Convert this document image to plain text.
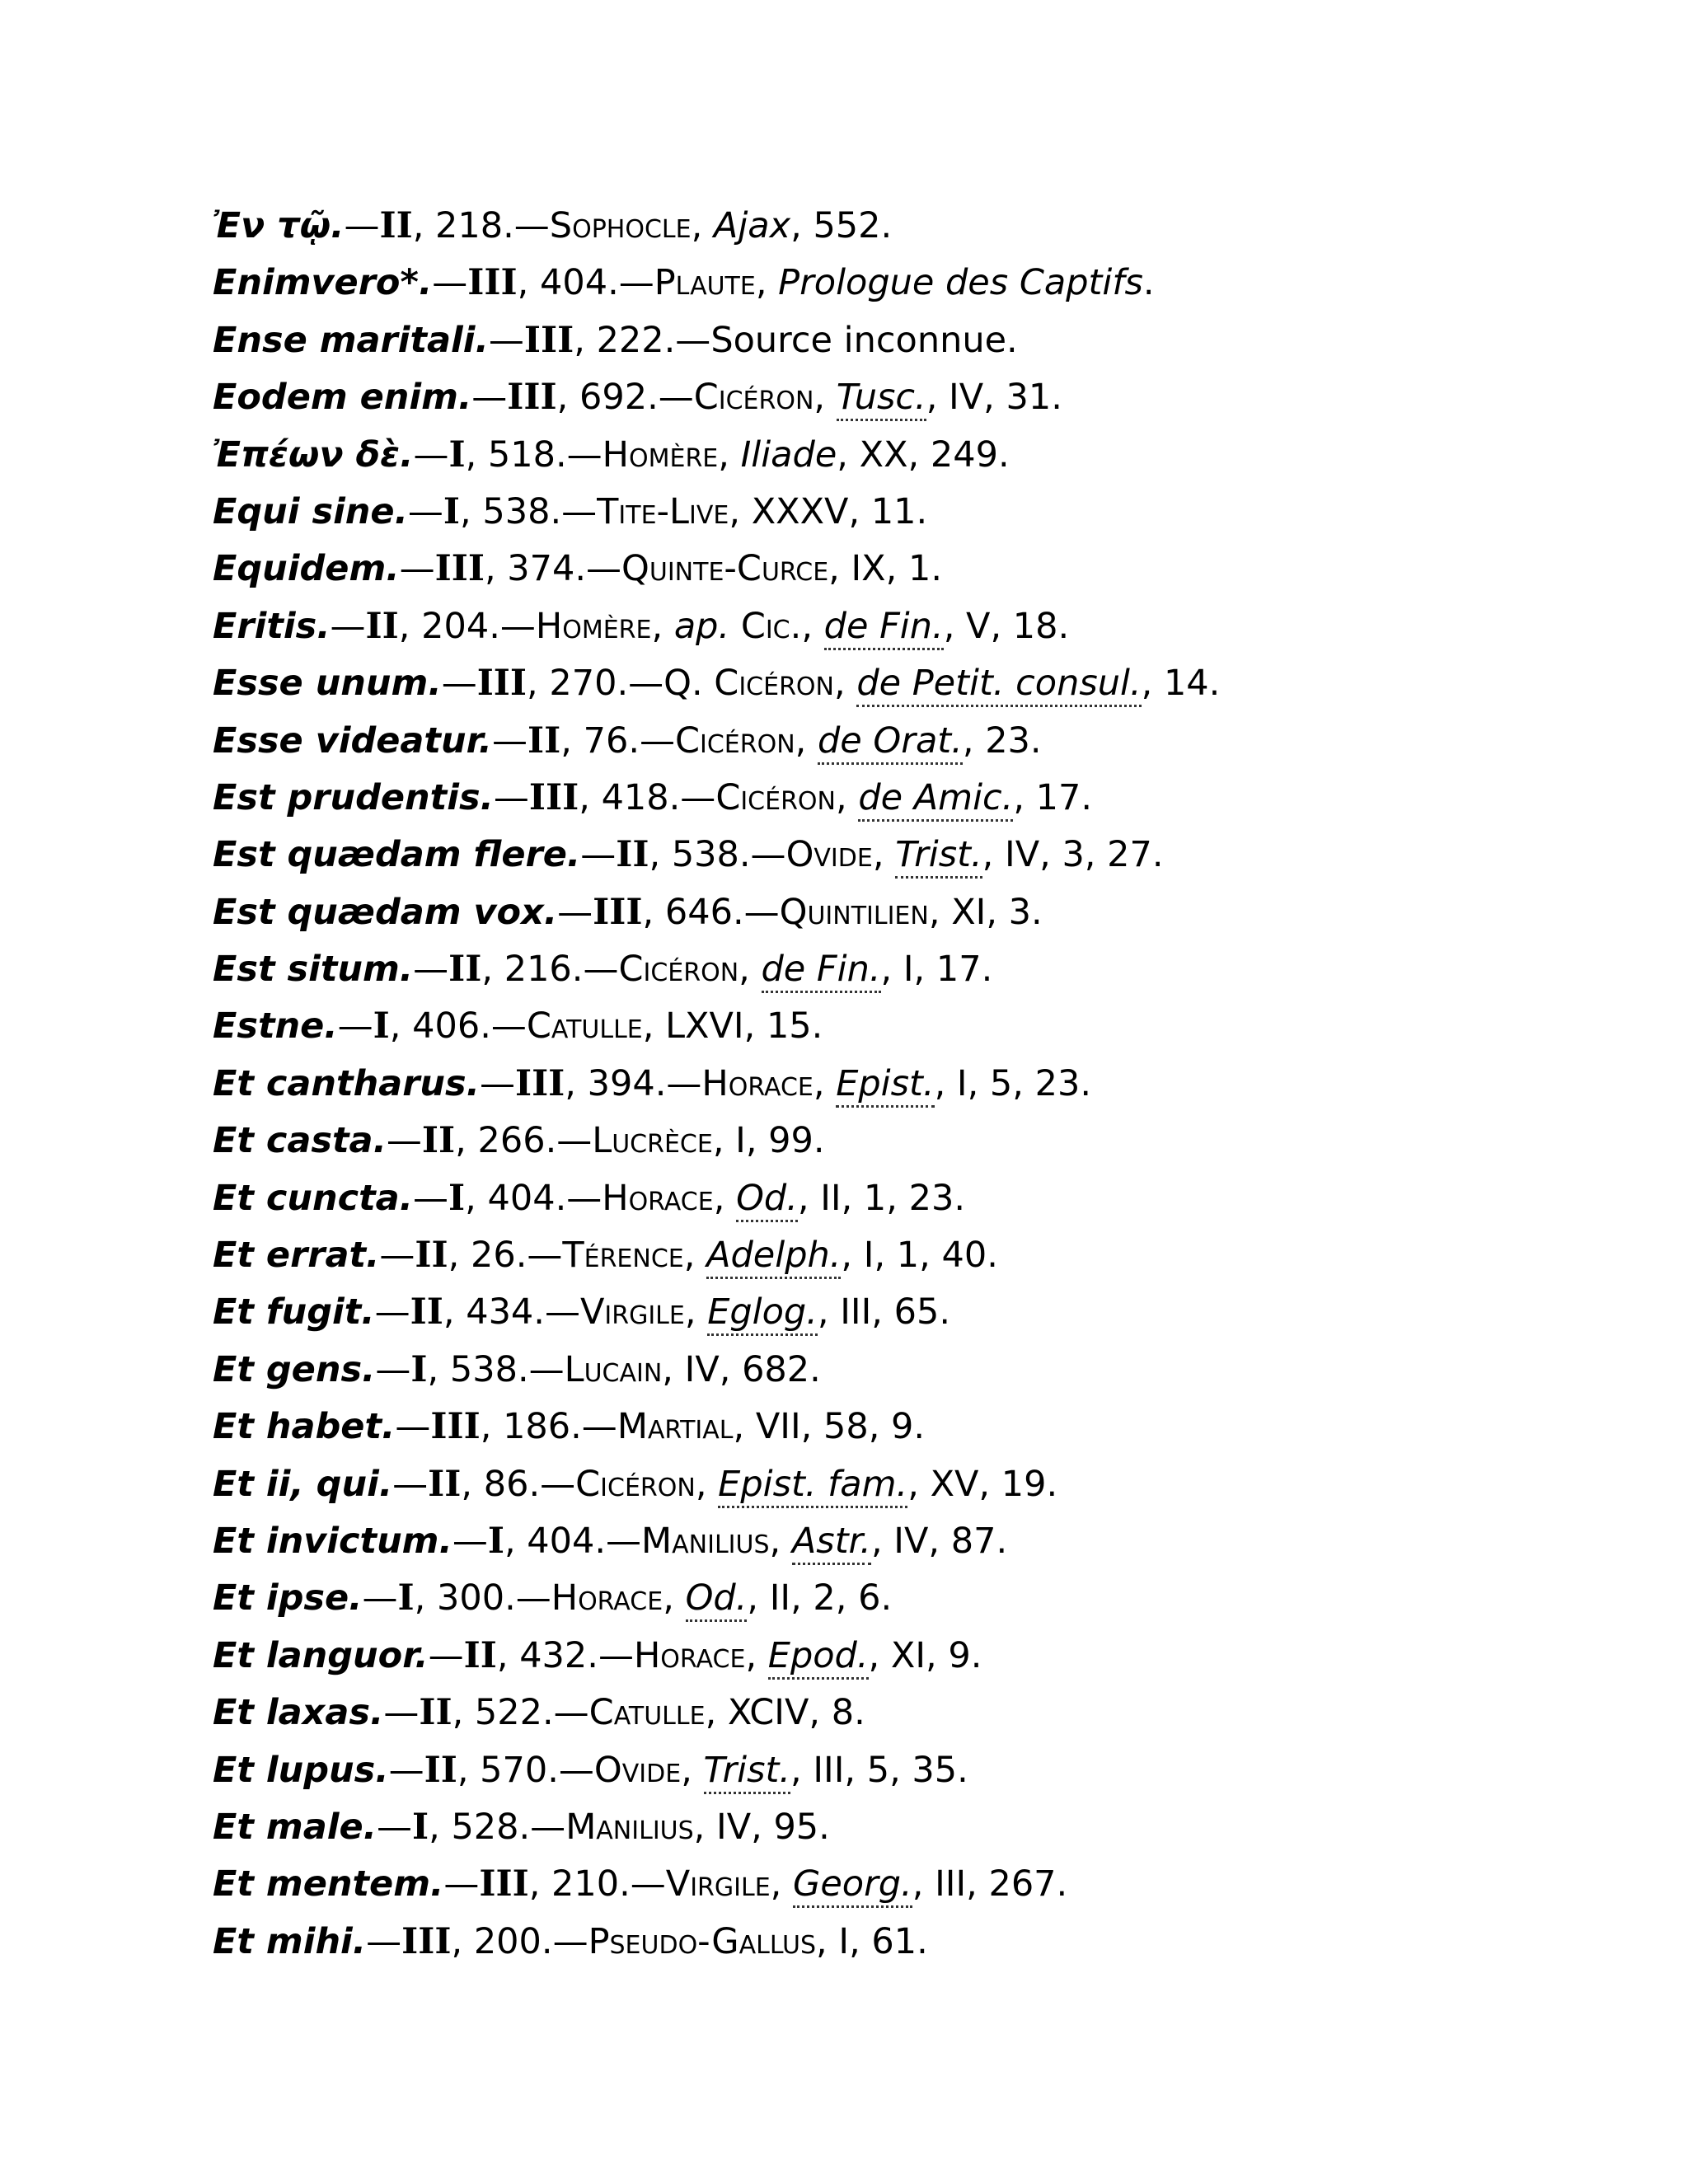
Ἐν τῷ.—II, 218.—Sophocle, Ajax, 552.
Enimvero*.—III, 404.—Plaute, Prologue des Captifs.
Ense maritali.—III, 222.—Source inconnue.
Eodem enim.—III, 692.—Cicéron, Tusc., IV, 31.
Ἐπέων δὲ.—I, 518.—Homère, Iliade, XX, 249.
Equi sine.—I, 538.—Tite-Live, XXXV, 11.
Equidem.—III, 374.—Quinte-Curce, IX, 1.
Eritis.—II, 204.—Homère, ap. Cic., de Fin., V, 18.
Esse unum.—III, 270.—Q. Cicéron, de Petit. consul., 14.
Esse videatur.—II, 76.—Cicéron, de Orat., 23.
Est prudentis.—III, 418.—Cicéron, de Amic., 17.
Est quædam flere.—II, 538.—Ovide, Trist., IV, 3, 27.
Est quædam vox.—III, 646.—Quintilien, XI, 3.
Est situm.—II, 216.—Cicéron, de Fin., I, 17.
Estne.—I, 406.—Catulle, LXVI, 15.
Et cantharus.—III, 394.—Horace, Epist., I, 5, 23.
Et casta.—II, 266.—Lucrèce, I, 99.
Et cuncta.—I, 404.—Horace, Od., II, 1, 23.
Et errat.—II, 26.—Térence, Adelph., I, 1, 40.
Et fugit.—II, 434.—Virgile, Eglog., III, 65.
Et gens.—I, 538.—Lucain, IV, 682.
Et habet.—III, 186.—Martial, VII, 58, 9.
Et ii, qui.—II, 86.—Cicéron, Epist. fam., XV, 19.
Et invictum.—I, 404.—Manilius, Astr., IV, 87.
Et ipse.—I, 300.—Horace, Od., II, 2, 6.
Et languor.—II, 432.—Horace, Epod., XI, 9.
Et laxas.—II, 522.—Catulle, XCIV, 8.
Et lupus.—II, 570.—Ovide, Trist., III, 5, 35.
Et male.—I, 528.—Manilius, IV, 95.
Et mentem.—III, 210.—Virgile, Georg., III, 267.
Et mihi.—III, 200.—Pseudo-Gallus, I, 61.
